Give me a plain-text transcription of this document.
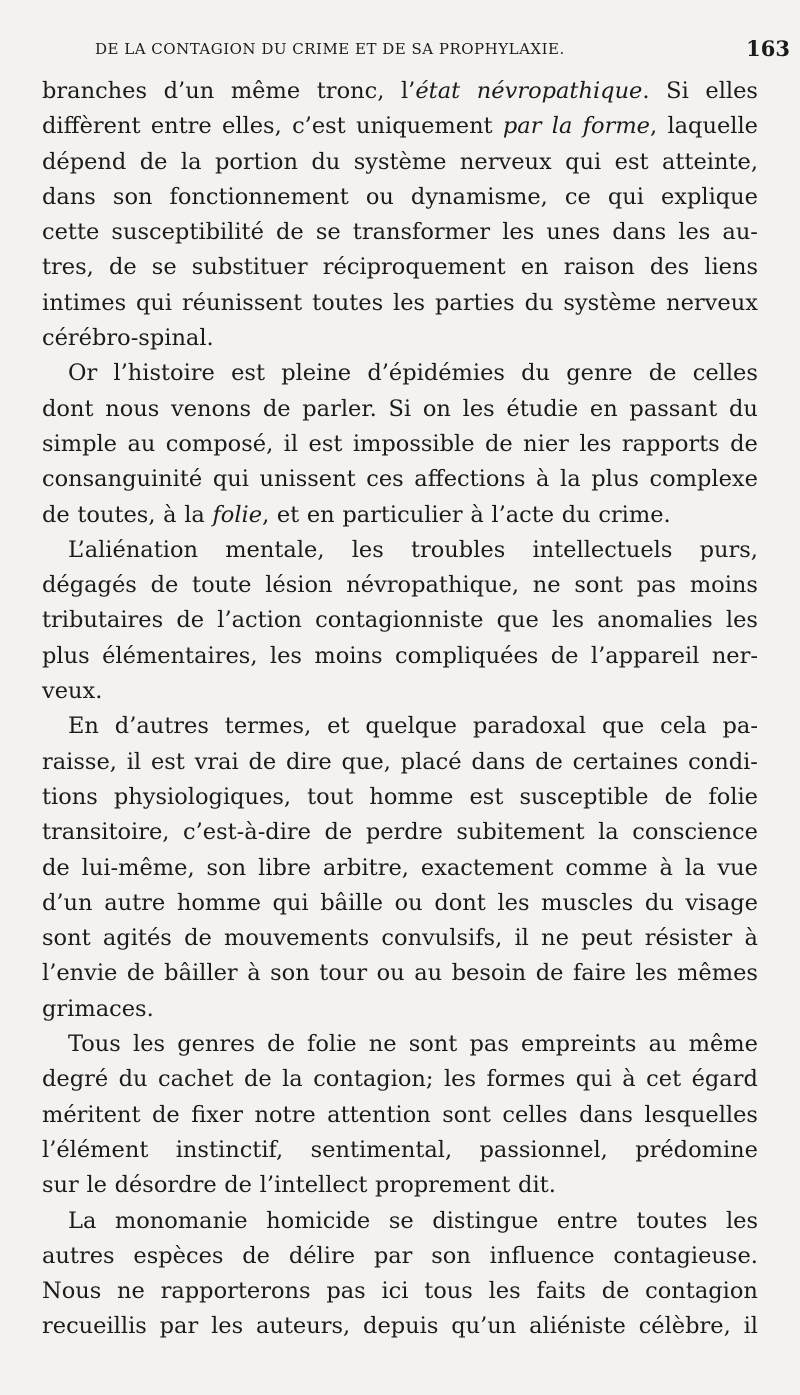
DE LA CONTAGION DU CRIME ET DE SA PROPHYLAXIE.	163
branches d’un même tronc, l’état névropathique. Si elles
diffèrent entre elles, c’est uniquement par la forme, laquelle
dépend de la portion du système nerveux qui est atteinte,
dans son fonctionnement ou dynamisme, ce qui explique
cette susceptibilité de se transformer les unes dans les au-
tres, de se substituer réciproquement en raison des liens
intimes qui réunissent toutes les parties du système nerveux
cérébro-spinal.
Or l’histoire est pleine d’épidémies du genre de celles
dont nous venons de parler. Si on les étudie en passant du
simple au composé, il est impossible de nier les rapports de
consanguinité qui unissent ces affections à la plus complexe
de toutes, à la folie, et en particulier à l’acte du crime.
L’aliénation mentale, les troubles intellectuels purs,
dégagés de toute lésion névropathique, ne sont pas moins
tributaires de l’action contagionniste que les anomalies les
plus élémentaires, les moins compliquées de l’appareil ner-
veux.
En d’autres termes, et quelque paradoxal que cela pa-
raisse, il est vrai de dire que, placé dans de certaines condi-
tions physiologiques, tout homme est susceptible de folie
transitoire, c’est-à-dire de perdre subitement la conscience
de lui-même, son libre arbitre, exactement comme à la vue
d’un autre homme qui bâille ou dont les muscles du visage
sont agités de mouvements convulsifs, il ne peut résister à
l’envie de bâiller à son tour ou au besoin de faire les mêmes
grimaces.
Tous les genres de folie ne sont pas empreints au même
degré du cachet de la contagion; les formes qui à cet égard
méritent de fixer notre attention sont celles dans lesquelles
l’élément instinctif, sentimental, passionnel, prédomine
sur le désordre de l’intellect proprement dit.
La monomanie homicide se distingue entre toutes les
autres espèces de délire par son influence contagieuse.
Nous ne rapporterons pas ici tous les faits de contagion
recueillis par les auteurs, depuis qu’un aliéniste célèbre, il
